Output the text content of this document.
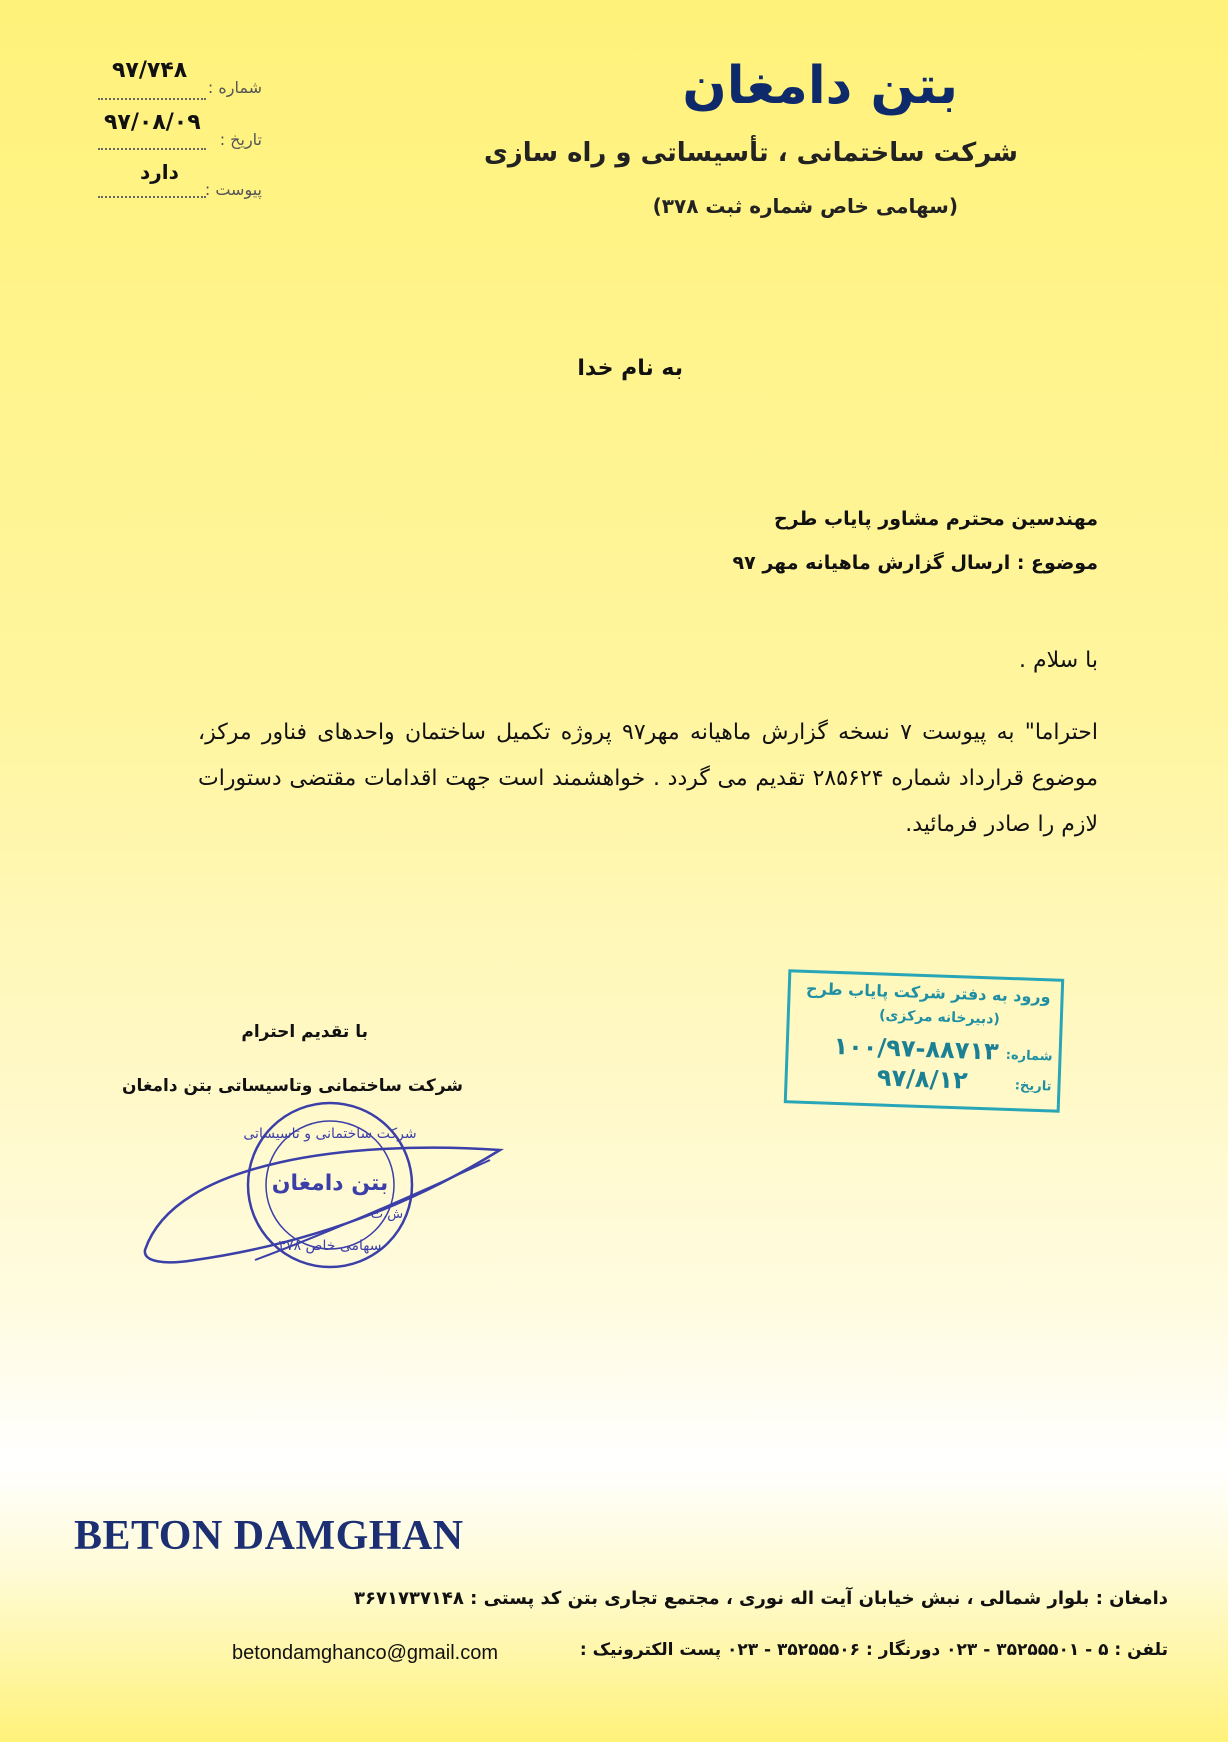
بتن دامغان
شرکت ساختمانی ، تأسیساتی و راه سازی
(سهامی خاص شماره ثبت ۳۷۸)
شماره :
۹۷/۷۴۸
تاریخ :
۹۷/۰۸/۰۹
پیوست :
دارد
به نام خدا
مهندسین محترم مشاور پایاب طرح
موضوع : ارسال گزارش ماهیانه مهر ۹۷
با سلام .
احتراما" به پیوست ۷ نسخه گزارش ماهیانه مهر۹۷ پروژه تکمیل ساختمان واحدهای فناور مرکز، موضوع قرارداد شماره ۲۸۵۶۲۴ تقدیم می گردد . خواهشمند است جهت اقدامات مقتضی دستورات لازم را صادر فرمائید.
با تقدیم احترام
شرکت ساختمانی وتاسیساتی بتن دامغان
شرکت ساختمانی و تاسیساتی
بتن دامغان
ش.ث
سهامی خاص ۳۷۸
ورود به دفتر شرکت پایاب طرح
(دبیرخانه مرکزی)
شماره:
۱۰۰/۹۷-۸۸۷۱۳
تاریخ:
۹۷/۸/۱۲
BETON DAMGHAN
دامغان : بلوار شمالی ، نبش خیابان آیت اله نوری ، مجتمع تجاری بتن کد پستی : ۳۶۷۱۷۳۷۱۴۸
تلفن : ۵ - ۳۵۲۵۵۵۰۱ - ۰۲۳ دورنگار : ۳۵۲۵۵۵۰۶ - ۰۲۳ پست الکترونیک :
betondamghanco@gmail.com
